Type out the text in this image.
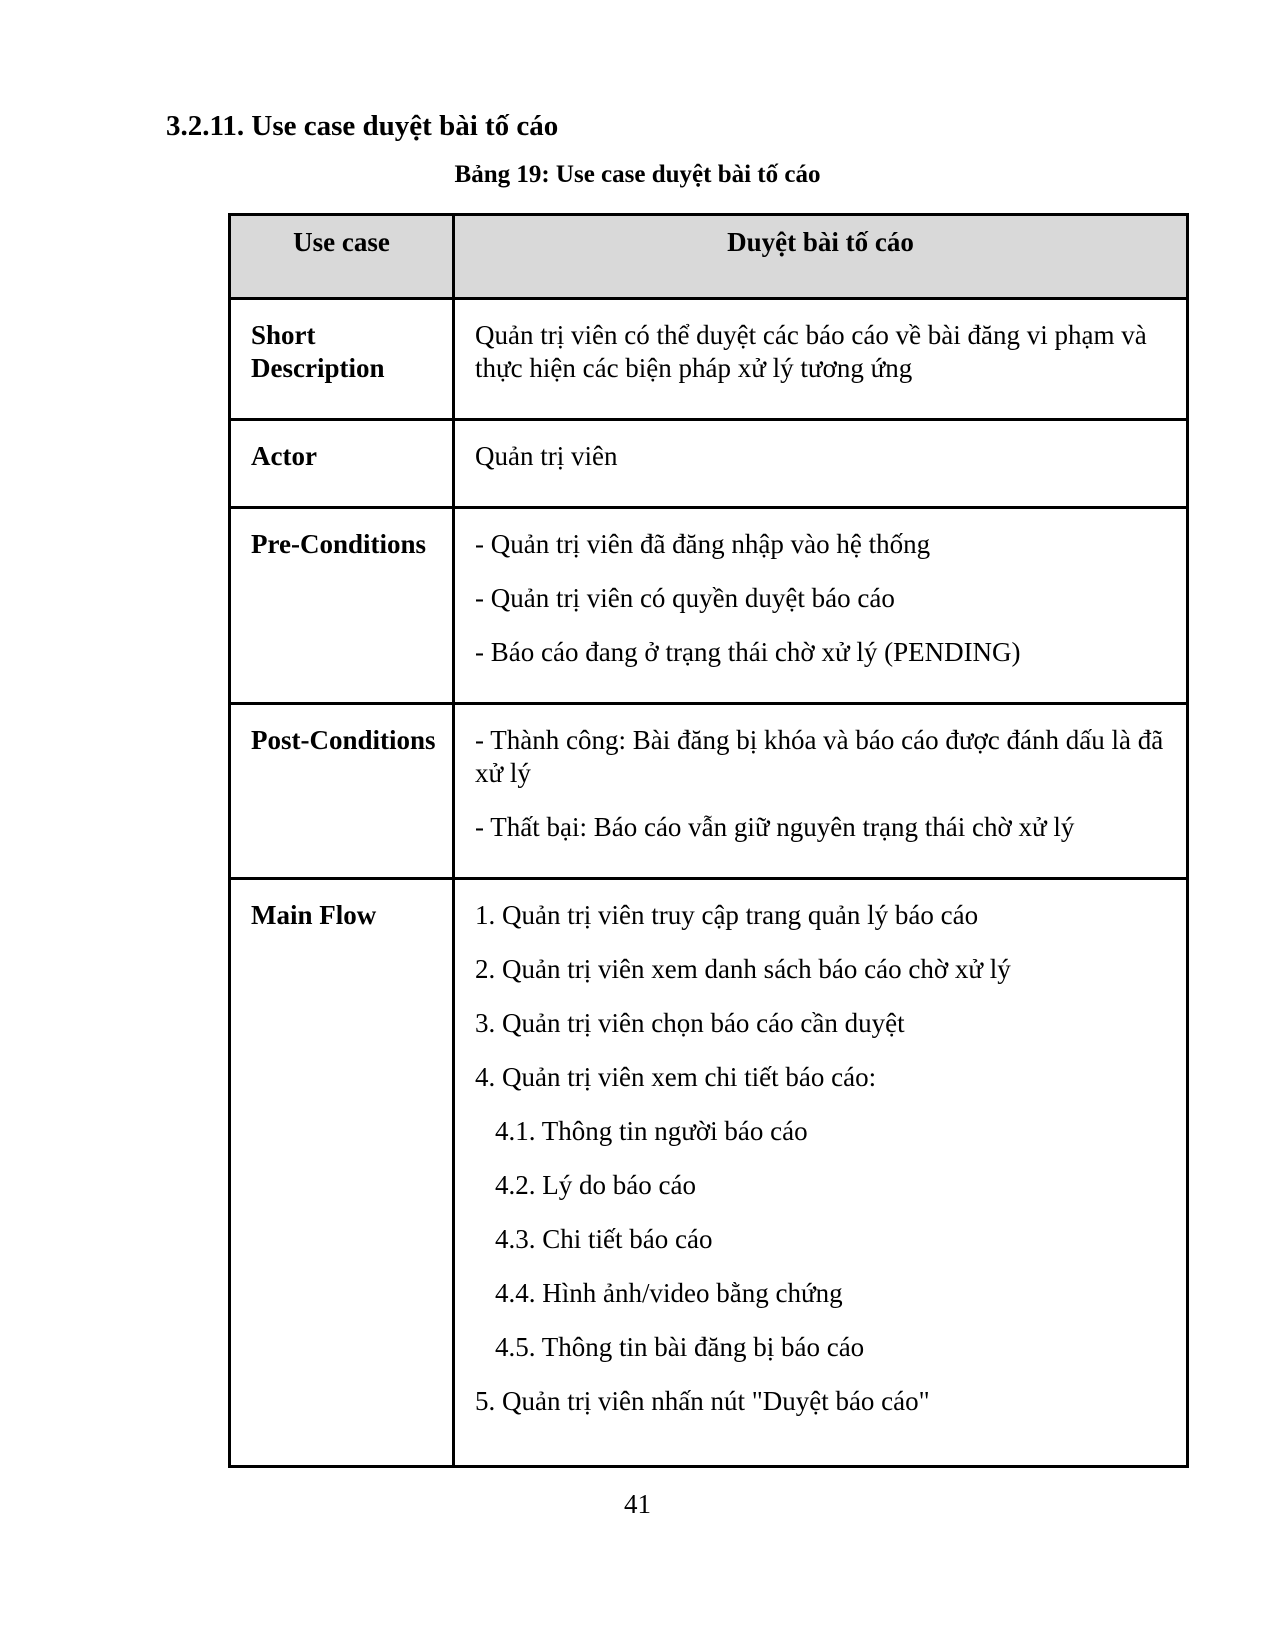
3.2.11. Use case duyệt bài tố cáo
Bảng 19: Use case duyệt bài tố cáo
Use case	Duyệt bài tố cáo

Short Description	Quản trị viên có thể duyệt các báo cáo về bài đăng vi phạm và thực hiện các biện pháp xử lý tương ứng

Actor	Quản trị viên

Pre-Conditions	- Quản trị viên đã đăng nhập vào hệ thống

- Quản trị viên có quyền duyệt báo cáo

- Báo cáo đang ở trạng thái chờ xử lý (PENDING)

Post-Conditions	- Thành công: Bài đăng bị khóa và báo cáo được đánh dấu là đã xử lý

- Thất bại: Báo cáo vẫn giữ nguyên trạng thái chờ xử lý

Main Flow	1. Quản trị viên truy cập trang quản lý báo cáo

2. Quản trị viên xem danh sách báo cáo chờ xử lý

3. Quản trị viên chọn báo cáo cần duyệt

4. Quản trị viên xem chi tiết báo cáo:

4.1. Thông tin người báo cáo

4.2. Lý do báo cáo

4.3. Chi tiết báo cáo

4.4. Hình ảnh/video bằng chứng

4.5. Thông tin bài đăng bị báo cáo

5. Quản trị viên nhấn nút "Duyệt báo cáo"

41
